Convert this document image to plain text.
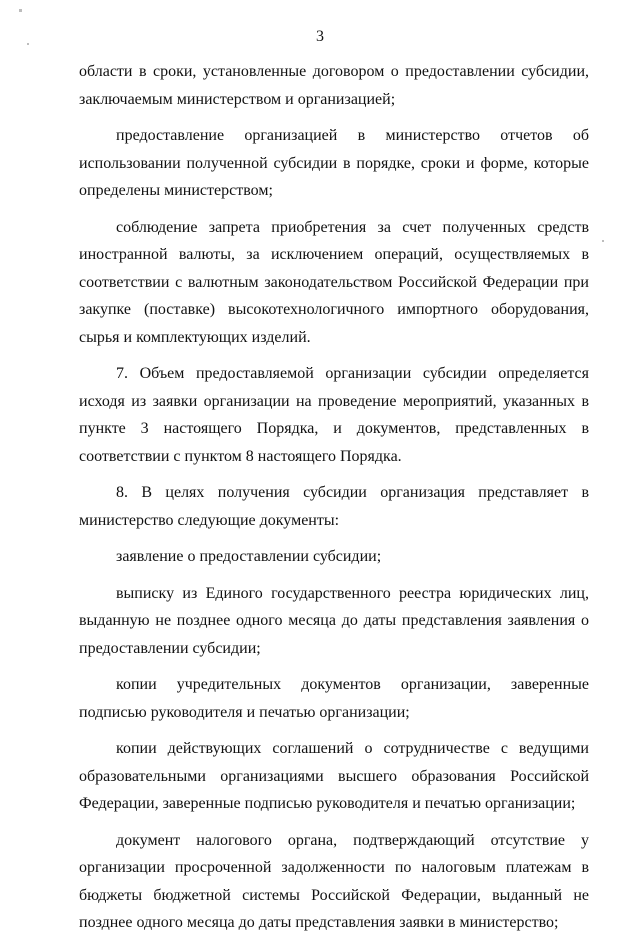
3

области в сроки, установленные договором о предоставлении субсидии, заключаемым министерством и организацией;

предоставление организацией в министерство отчетов об использовании полученной субсидии в порядке, сроки и форме, которые определены министерством;

соблюдение запрета приобретения за счет полученных средств иностранной валюты, за исключением операций, осуществляемых в соответствии с валютным законодательством Российской Федерации при закупке (поставке) высокотехнологичного импортного оборудования, сырья и комплектующих изделий.

7. Объем предоставляемой организации субсидии определяется исходя из заявки организации на проведение мероприятий, указанных в пункте 3 настоящего Порядка, и документов, представленных в соответствии с пунктом 8 настоящего Порядка.

8. В целях получения субсидии организация представляет в министерство следующие документы:

заявление о предоставлении субсидии;

выписку из Единого государственного реестра юридических лиц, выданную не позднее одного месяца до даты представления заявления о предоставлении субсидии;

копии учредительных документов организации, заверенные подписью руководителя и печатью организации;

копии действующих соглашений о сотрудничестве с ведущими образовательными организациями высшего образования Российской Федерации, заверенные подписью руководителя и печатью организации;

документ налогового органа, подтверждающий отсутствие у организации просроченной задолженности по налоговым платежам в бюджеты бюджетной системы Российской Федерации, выданный не позднее одного месяца до даты представления заявки в министерство;
